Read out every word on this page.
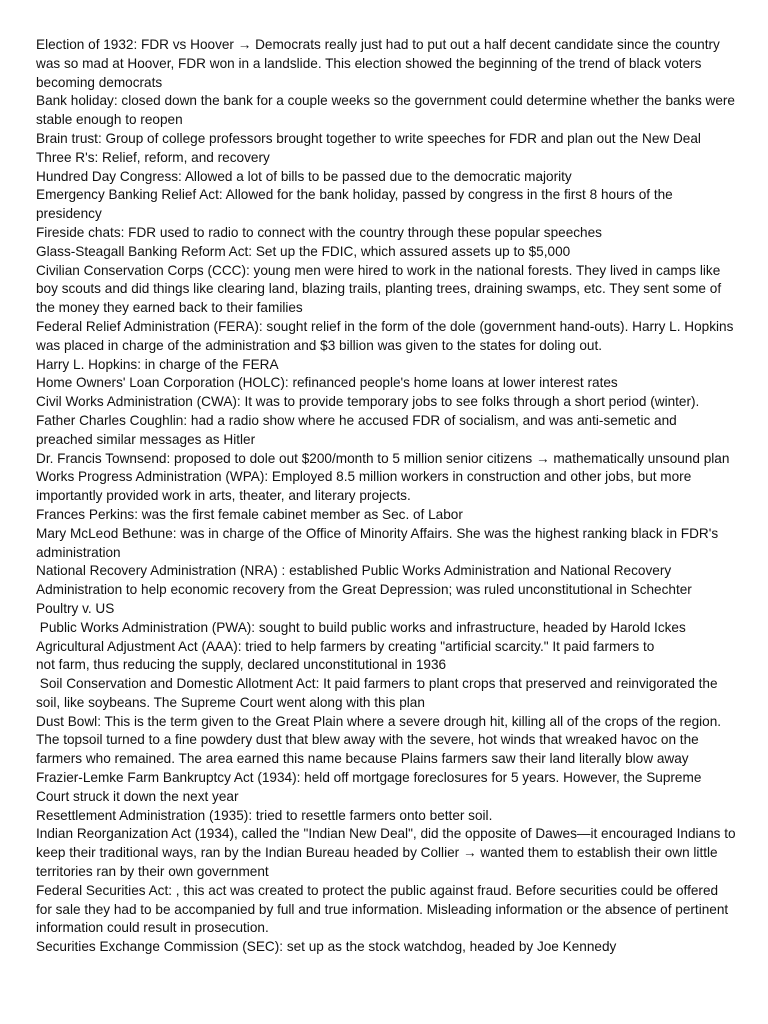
Election of 1932: FDR vs Hoover → Democrats really just had to put out a half decent candidate since the country was so mad at Hoover, FDR won in a landslide. This election showed the beginning of the trend of black voters becoming democrats

Bank holiday: closed down the bank for a couple weeks so the government could determine whether the banks were stable enough to reopen

Brain trust: Group of college professors brought together to write speeches for FDR and plan out the New Deal

Three R's: Relief, reform, and recovery

Hundred Day Congress: Allowed a lot of bills to be passed due to the democratic majority

Emergency Banking Relief Act: Allowed for the bank holiday, passed by congress in the first 8 hours of the presidency

Fireside chats: FDR used to radio to connect with the country through these popular speeches

Glass-Steagall Banking Reform Act: Set up the FDIC, which assured assets up to $5,000

Civilian Conservation Corps (CCC): young men were hired to work in the national forests. They lived in camps like boy scouts and did things like clearing land, blazing trails, planting trees, draining swamps, etc. They sent some of the money they earned back to their families

Federal Relief Administration (FERA): sought relief in the form of the dole (government hand-outs). Harry L. Hopkins was placed in charge of the administration and $3 billion was given to the states for doling out.

Harry L. Hopkins: in charge of the FERA

Home Owners' Loan Corporation (HOLC): refinanced people's home loans at lower interest rates

Civil Works Administration (CWA): It was to provide temporary jobs to see folks through a short period (winter).

Father Charles Coughlin: had a radio show where he accused FDR of socialism, and was anti-semetic and preached similar messages as Hitler

Dr. Francis Townsend: proposed to dole out $200/month to 5 million senior citizens → mathematically unsound plan

Works Progress Administration (WPA): Employed 8.5 million workers in construction and other jobs, but more importantly provided work in arts, theater, and literary projects.

Frances Perkins: was the first female cabinet member as Sec. of Labor

Mary McLeod Bethune: was in charge of the Office of Minority Affairs. She was the highest ranking black in FDR's administration

National Recovery Administration (NRA) : established Public Works Administration and National Recovery Administration to help economic recovery from the Great Depression; was ruled unconstitutional in Schechter Poultry v. US

Public Works Administration (PWA): sought to build public works and infrastructure, headed by Harold Ickes

Agricultural Adjustment Act (AAA): tried to help farmers by creating "artificial scarcity." It paid farmers to
not farm, thus reducing the supply, declared unconstitutional in 1936

Soil Conservation and Domestic Allotment Act: It paid farmers to plant crops that preserved and reinvigorated the soil, like soybeans. The Supreme Court went along with this plan

Dust Bowl: This is the term given to the Great Plain where a severe drough hit, killing all of the crops of the region. The topsoil turned to a fine powdery dust that blew away with the severe, hot winds that wreaked havoc on the farmers who remained. The area earned this name because Plains farmers saw their land literally blow away

Frazier-Lemke Farm Bankruptcy Act (1934): held off mortgage foreclosures for 5 years. However, the Supreme Court struck it down the next year

Resettlement Administration (1935): tried to resettle farmers onto better soil.

Indian Reorganization Act (1934), called the "Indian New Deal", did the opposite of Dawes—it encouraged Indians to keep their traditional ways, ran by the Indian Bureau headed by Collier → wanted them to establish their own little territories ran by their own government

Federal Securities Act: , this act was created to protect the public against fraud. Before securities could be offered for sale they had to be accompanied by full and true information. Misleading information or the absence of pertinent information could result in prosecution.

Securities Exchange Commission (SEC): set up as the stock watchdog, headed by Joe Kennedy
